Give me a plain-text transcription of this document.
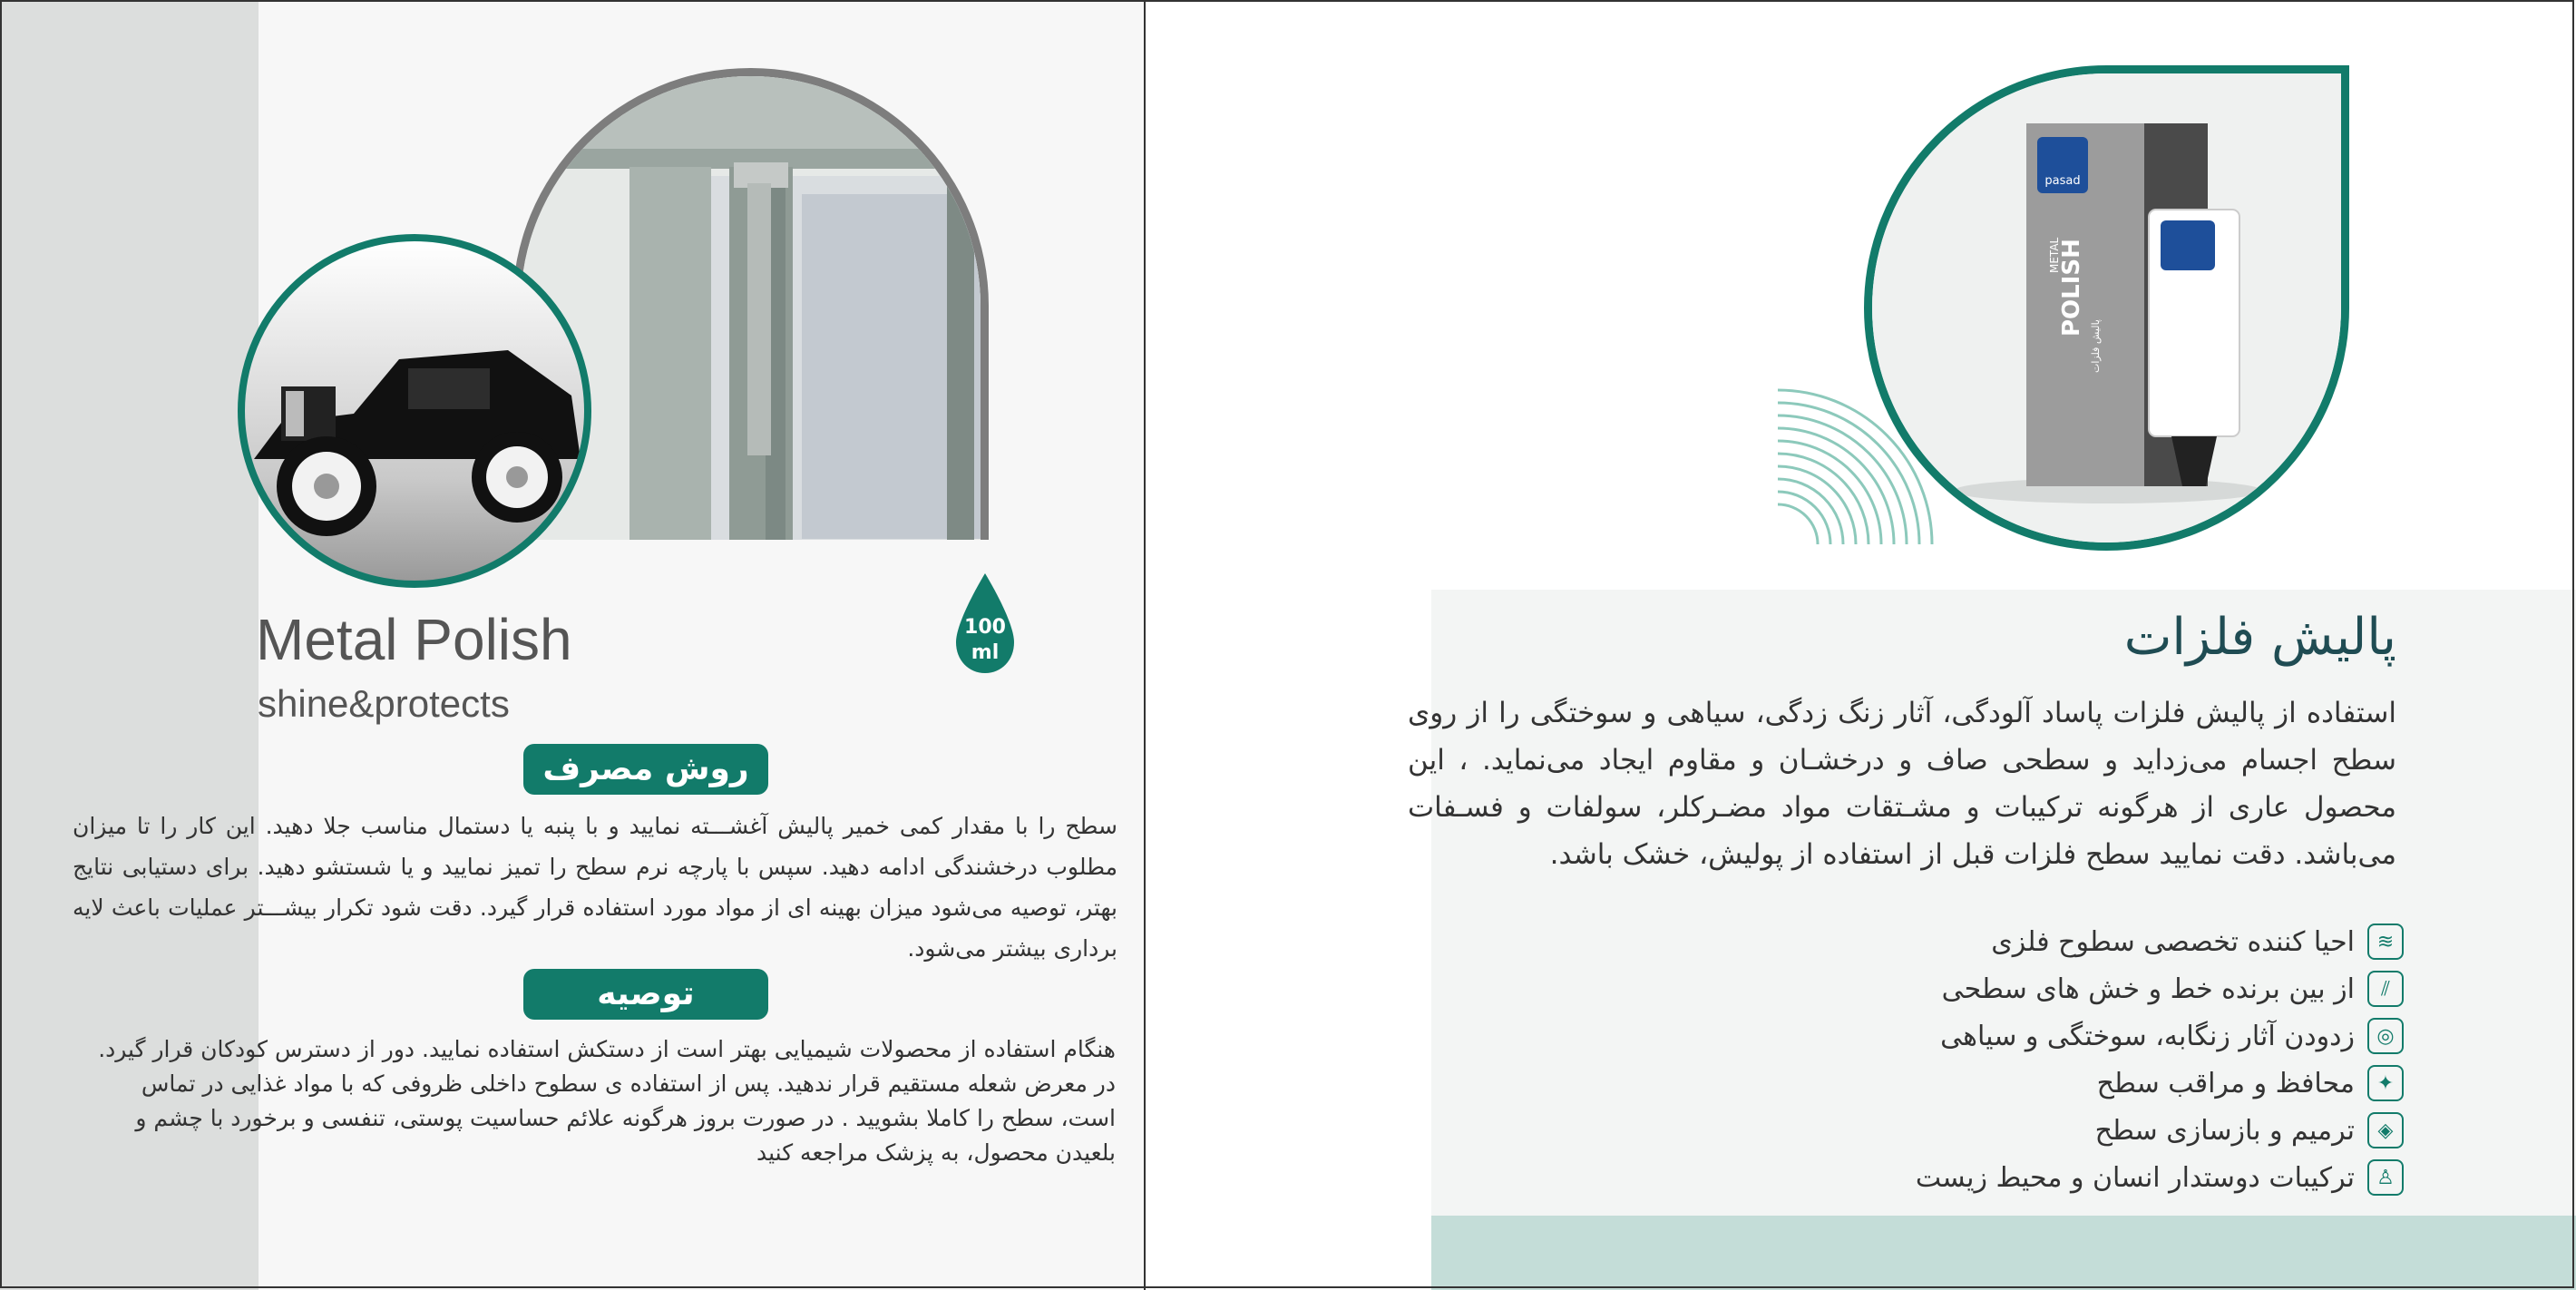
100
ml
Metal Polish
shine&protects
روش مصرف
سطح را با مقدار کمی خمیر پالیش آغشـــته نمایید و با پنبه یا دستمال مناسب جلا دهید. این کار را تا میزان مطلوب درخشندگی ادامه دهید. سپس با پارچه نرم سطح را تمیز نمایید و یا شستشو دهید. برای دستیابی نتایج بهتر، توصیه می‌شود میزان بهینه ای از مواد مورد استفاده قرار گیرد. دقت شود تکرار بیشـــتر عملیات باعث لایه برداری بیشتر می‌شود.
توصیه
هنگام استفاده از محصولات شیمیایی بهتر است از دستکش استفاده نمایید. دور از دسترس کودکان قرار گیرد. در معرض شعله مستقیم قرار ندهید. پس از استفاده ی سطوح داخلی ظروفی که با مواد غذایی در تماس است، سطح را کاملا بشویید . در صورت بروز هرگونه علائم حساسیت پوستی، تنفسی و برخورد با چشم و بلعیدن محصول، به پزشک مراجعه کنید
pasad
METAL
POLISH
پالیش فلزات
پالیش فلزات
استفاده از پالیش فلزات پاساد آلودگی، آثار زنگ زدگی، سیاهی و سوختگی را از روی سطح اجسام می‌زداید و سطحی صاف و درخشـان و مقاوم ایجاد می‌نماید. ، این محصول عاری از هرگونه ترکیبات و مشـتقات مواد مضـرکلر، سولفات و فسـفات می‌باشد. دقت نمایید سطح فلزات قبل از استفاده از پولیش، خشک باشد.
≋
احیا کننده تخصصی سطوح فلزی
⫽
از بین برنده خط و خش های سطحی
◎
زدودن آثار زنگابه، سوختگی و سیاهی
✦
محافظ و مراقب سطح
◈
ترمیم و بازسازی سطح
♙
ترکیبات دوستدار انسان و محیط زیست
